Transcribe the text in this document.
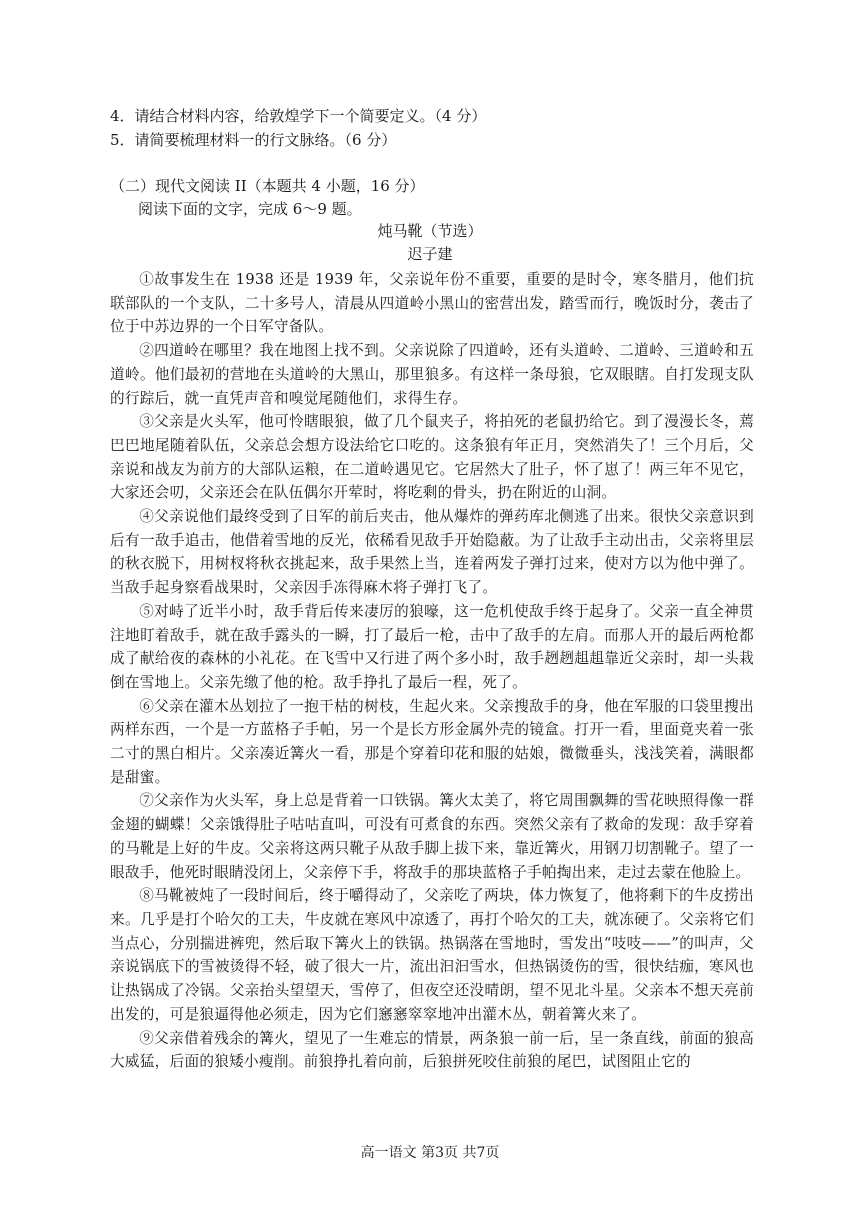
4．请结合材料内容，给敦煌学下一个简要定义。（4 分）
5．请简要梳理材料一的行文脉络。（6 分）
（二）现代文阅读 II（本题共 4 小题，16 分）
阅读下面的文字，完成 6～9 题。
炖马靴（节选）
迟子建

①故事发生在 1938 还是 1939 年，父亲说年份不重要，重要的是时令，寒冬腊月，他们抗联部队的一个支队，二十多号人，清晨从四道岭小黑山的密营出发，踏雪而行，晚饭时分，袭击了位于中苏边界的一个日军守备队。

②四道岭在哪里？我在地图上找不到。父亲说除了四道岭，还有头道岭、二道岭、三道岭和五道岭。他们最初的营地在头道岭的大黑山，那里狼多。有这样一条母狼，它双眼瞎。自打发现支队的行踪后，就一直凭声音和嗅觉尾随他们，求得生存。

③父亲是火头军，他可怜瞎眼狼，做了几个鼠夹子，将拍死的老鼠扔给它。到了漫漫长冬，蔫巴巴地尾随着队伍，父亲总会想方设法给它口吃的。这条狼有年正月，突然消失了！三个月后，父亲说和战友为前方的大部队运粮，在二道岭遇见它。它居然大了肚子，怀了崽了！两三年不见它，大家还会叨，父亲还会在队伍偶尔开荤时，将吃剩的骨头，扔在附近的山洞。

④父亲说他们最终受到了日军的前后夹击，他从爆炸的弹药库北侧逃了出来。很快父亲意识到后有一敌手追击，他借着雪地的反光，依稀看见敌手开始隐蔽。为了让敌手主动出击，父亲将里层的秋衣脱下，用树杈将秋衣挑起来，敌手果然上当，连着两发子弹打过来，使对方以为他中弹了。当敌手起身察看战果时，父亲因手冻得麻木将子弹打飞了。

⑤对峙了近半小时，敌手背后传来凄厉的狼嚎，这一危机使敌手终于起身了。父亲一直全神贯注地盯着敌手，就在敌手露头的一瞬，打了最后一枪，击中了敌手的左肩。而那人开的最后两枪都成了献给夜的森林的小礼花。在飞雪中又行进了两个多小时，敌手趔趔趄趄靠近父亲时，却一头栽倒在雪地上。父亲先缴了他的枪。敌手挣扎了最后一程，死了。

⑥父亲在灌木丛划拉了一抱干枯的树枝，生起火来。父亲搜敌手的身，他在军服的口袋里搜出两样东西，一个是一方蓝格子手帕，另一个是长方形金属外壳的镜盒。打开一看，里面竟夹着一张二寸的黑白相片。父亲凑近篝火一看，那是个穿着印花和服的姑娘，微微垂头，浅浅笑着，满眼都是甜蜜。

⑦父亲作为火头军，身上总是背着一口铁锅。篝火太美了，将它周围飘舞的雪花映照得像一群金翅的蝴蝶！父亲饿得肚子咕咕直叫，可没有可煮食的东西。突然父亲有了救命的发现：敌手穿着的马靴是上好的牛皮。父亲将这两只靴子从敌手脚上拔下来，靠近篝火，用钢刀切割靴子。望了一眼敌手，他死时眼睛没闭上，父亲停下手，将敌手的那块蓝格子手帕掏出来，走过去蒙在他脸上。

⑧马靴被炖了一段时间后，终于嚼得动了，父亲吃了两块，体力恢复了，他将剩下的牛皮捞出来。几乎是打个哈欠的工夫，牛皮就在寒风中凉透了，再打个哈欠的工夫，就冻硬了。父亲将它们当点心，分别揣进裤兜，然后取下篝火上的铁锅。热锅落在雪地时，雪发出“吱吱——”的叫声，父亲说锅底下的雪被烫得不轻，破了很大一片，流出汩汩雪水，但热锅烫伤的雪，很快结痂，寒风也让热锅成了冷锅。父亲抬头望望天，雪停了，但夜空还没晴朗，望不见北斗星。父亲本不想天亮前出发的，可是狼逼得他必须走，因为它们窸窸窣窣地冲出灌木丛，朝着篝火来了。

⑨父亲借着残余的篝火，望见了一生难忘的情景，两条狼一前一后，呈一条直线，前面的狼高大威猛，后面的狼矮小瘦削。前狼挣扎着向前，后狼拼死咬住前狼的尾巴，试图阻止它的

高一语文 第3页 共7页
